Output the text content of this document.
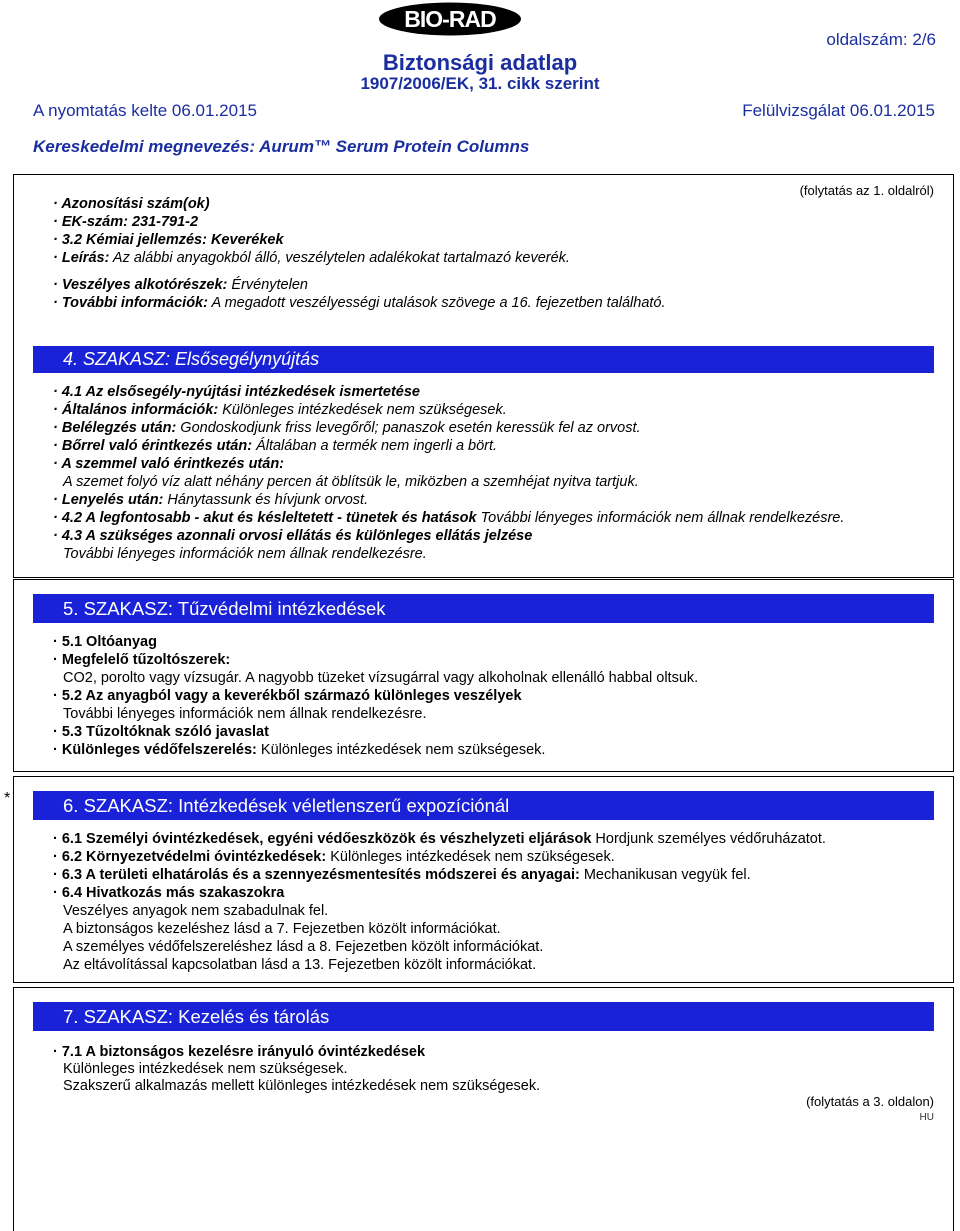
BIO-RAD
Biztonsági adatlap
1907/2006/EK, 31. cikk szerint
oldalszám: 2/6
A nyomtatás kelte 06.01.2015	Felülvizsgálat 06.01.2015
Kereskedelmi megnevezés: Aurum™ Serum Protein Columns
(folytatás az 1. oldalról)
· Azonosítási szám(ok)
· EK-szám: 231-791-2
· 3.2 Kémiai jellemzés: Keverékek
· Leírás: Az alábbi anyagokból álló, veszélytelen adalékokat tartalmazó keverék.
· Veszélyes alkotórészek: Érvénytelen
· További információk: A megadott veszélyességi utalások szövege a 16. fejezetben található.
4. SZAKASZ: Elsősegélynyújtás
· 4.1 Az elsősegély-nyújtási intézkedések ismertetése
· Általános információk: Különleges intézkedések nem szükségesek.
· Belélegzés után: Gondoskodjunk friss levegőről; panaszok esetén keressük fel az orvost.
· Bőrrel való érintkezés után: Általában a termék nem ingerli a bört.
· A szemmel való érintkezés után:
A szemet folyó víz alatt néhány percen át öblítsük le, miközben a szemhéjat nyitva tartjuk.
· Lenyelés után: Hánytassunk és hívjunk orvost.
· 4.2 A legfontosabb - akut és késleltetett - tünetek és hatások További lényeges információk nem állnak rendelkezésre.
· 4.3 A szükséges azonnali orvosi ellátás és különleges ellátás jelzése
További lényeges információk nem állnak rendelkezésre.
5. SZAKASZ: Tűzvédelmi intézkedések
· 5.1 Oltóanyag
· Megfelelő tűzoltószerek:
CO2, porolto vagy vízsugár. A nagyobb tüzeket vízsugárral vagy alkoholnak ellenálló habbal oltsuk.
· 5.2 Az anyagból vagy a keverékből származó különleges veszélyek
További lényeges információk nem állnak rendelkezésre.
· 5.3 Tűzoltóknak szóló javaslat
· Különleges védőfelszerelés: Különleges intézkedések nem szükségesek.
*	6. SZAKASZ: Intézkedések véletlenszerű expozíciónál
· 6.1 Személyi óvintézkedések, egyéni védőeszközök és vészhelyzeti eljárások Hordjunk személyes védőruházatot.
· 6.2 Környezetvédelmi óvintézkedések: Különleges intézkedések nem szükségesek.
· 6.3 A területi elhatárolás és a szennyezésmentesítés módszerei és anyagai: Mechanikusan vegyük fel.
· 6.4 Hivatkozás más szakaszokra
Veszélyes anyagok nem szabadulnak fel.
A biztonságos kezeléshez lásd a 7. Fejezetben közölt információkat.
A személyes védőfelszereléshez lásd a 8. Fejezetben közölt információkat.
Az eltávolítással kapcsolatban lásd a 13. Fejezetben közölt információkat.
7. SZAKASZ: Kezelés és tárolás
· 7.1 A biztonságos kezelésre irányuló óvintézkedések
Különleges intézkedések nem szükségesek.
Szakszerű alkalmazás mellett különleges intézkedések nem szükségesek.
(folytatás a 3. oldalon)
HU
